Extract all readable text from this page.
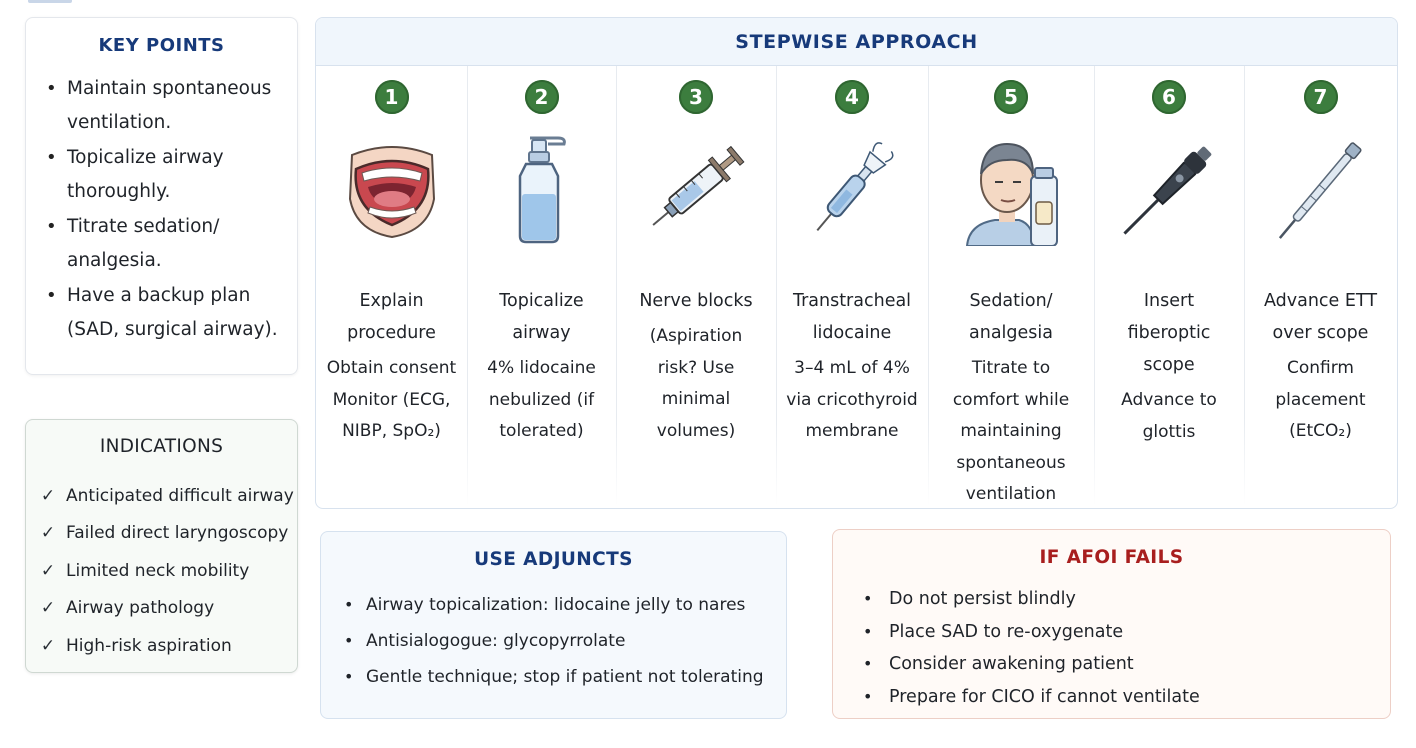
KEY POINTS
• Maintain spontaneous ventilation.
• Topicalize airway thoroughly.
• Titrate sedation/ analgesia.
• Have a backup plan (SAD, surgical airway).
INDICATIONS
✓ Anticipated difficult airway
✓ Failed direct laryngoscopy
✓ Limited neck mobility
✓ Airway pathology
✓ High-risk aspiration
STEPWISE APPROACH
1
Explain procedure
Obtain consent Monitor (ECG, NIBP, SpO₂)
2
Topicalize airway
4% lidocaine nebulized (if tolerated)
3
Nerve blocks
(Aspiration risk? Use minimal volumes)
4
Transtracheal lidocaine
3–4 mL of 4% via cricothyroid membrane
5
Sedation/ analgesia
Titrate to comfort while maintaining spontaneous ventilation
6
Insert fiberoptic scope
Advance to glottis
7
Advance ETT over scope
Confirm placement (EtCO₂)
USE ADJUNCTS
• Airway topicalization: lidocaine jelly to nares
• Antisialogogue: glycopyrrolate
• Gentle technique; stop if patient not tolerating
IF AFOI FAILS
• Do not persist blindly
• Place SAD to re-oxygenate
• Consider awakening patient
• Prepare for CICO if cannot ventilate
